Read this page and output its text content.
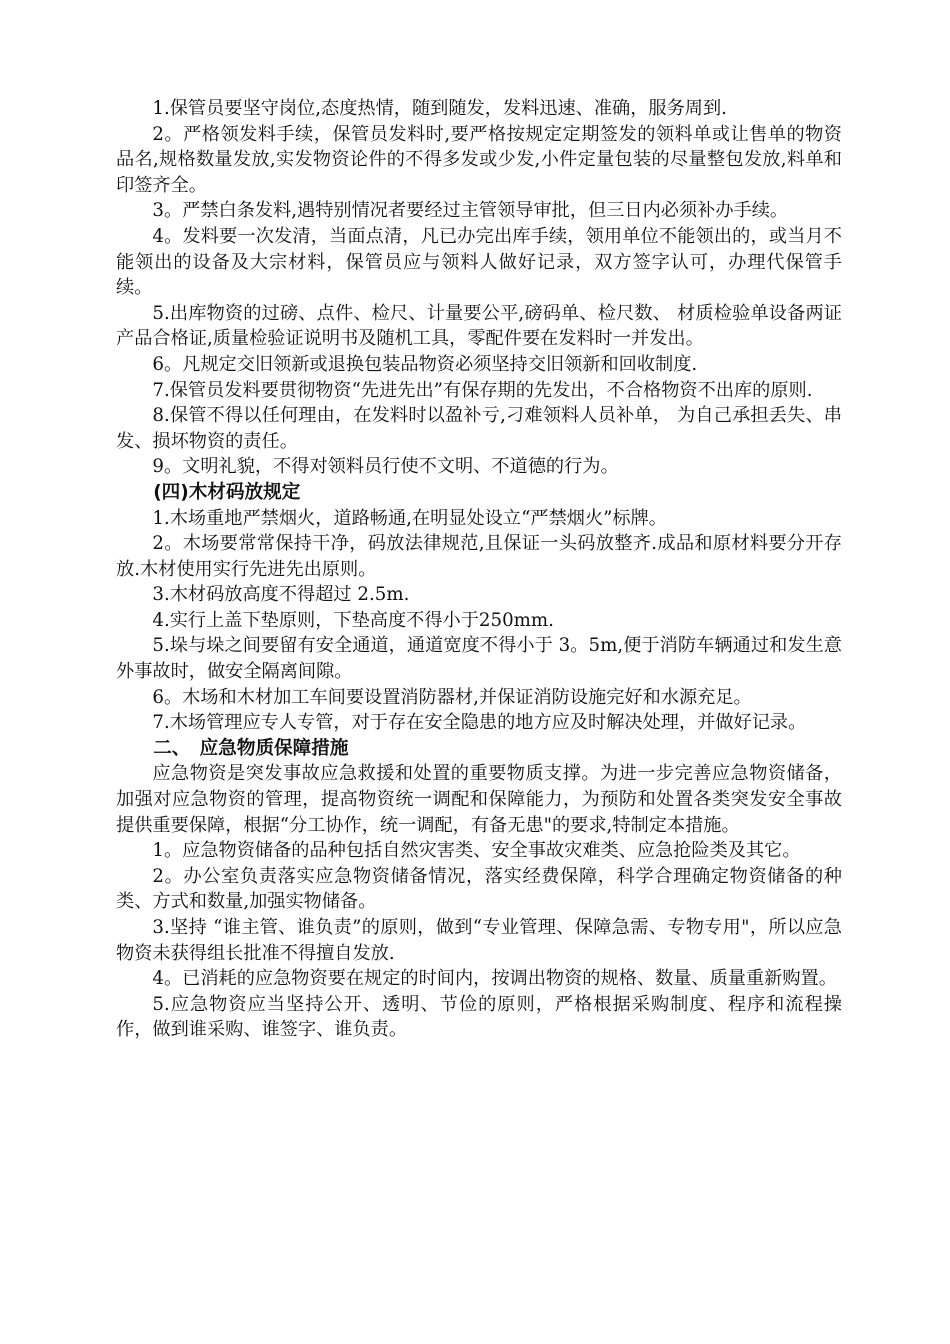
1.保管员要坚守岗位,态度热情，随到随发，发料迅速、准确，服务周到.

2。严格领发料手续，保管员发料时,要严格按规定定期签发的领料单或让售单的物资品名,规格数量发放,实发物资论件的不得多发或少发,小件定量包装的尽量整包发放,料单和印签齐全。

3。严禁白条发料,遇特别情况者要经过主管领导审批，但三日内必须补办手续。

4。发料要一次发清，当面点清，凡已办完出库手续，领用单位不能领出的，或当月不能领出的设备及大宗材料，保管员应与领料人做好记录，双方签字认可，办理代保管手续。

5.出库物资的过磅、点件、检尺、计量要公平,磅码单、检尺数、 材质检验单设备两证产品合格证,质量检验证说明书及随机工具，零配件要在发料时一并发出。

6。凡规定交旧领新或退换包装品物资必须坚持交旧领新和回收制度.

7.保管员发料要贯彻物资“先进先出”有保存期的先发出，不合格物资不出库的原则.

8.保管不得以任何理由，在发料时以盈补亏,刁难领料人员补单， 为自己承担丢失、串发、损坏物资的责任。

9。文明礼貌，不得对领料员行使不文明、不道德的行为。

(四)木材码放规定

1.木场重地严禁烟火，道路畅通,在明显处设立“严禁烟火”标牌。

2。木场要常常保持干净，码放法律规范,且保证一头码放整齐.成品和原材料要分开存放.木材使用实行先进先出原则。

3.木材码放高度不得超过 2.5m.

4.实行上盖下垫原则，下垫高度不得小于250mm.

5.垛与垛之间要留有安全通道，通道宽度不得小于 3。5m,便于消防车辆通过和发生意外事故时，做安全隔离间隙。

6。木场和木材加工车间要设置消防器材,并保证消防设施完好和水源充足。

7.木场管理应专人专管，对于存在安全隐患的地方应及时解决处理，并做好记录。

二、　应急物质保障措施

应急物资是突发事故应急救援和处置的重要物质支撑。为进一步完善应急物资储备，加强对应急物资的管理，提高物资统一调配和保障能力，为预防和处置各类突发安全事故提供重要保障，根据“分工协作，统一调配，有备无患"的要求,特制定本措施。

1。应急物资储备的品种包括自然灾害类、安全事故灾难类、应急抢险类及其它。

2。办公室负责落实应急物资储备情况，落实经费保障，科学合理确定物资储备的种类、方式和数量,加强实物储备。

3.坚持 “谁主管、谁负责”的原则，做到“专业管理、保障急需、专物专用"，所以应急物资未获得组长批准不得擅自发放.

4。已消耗的应急物资要在规定的时间内，按调出物资的规格、数量、质量重新购置。

5.应急物资应当坚持公开、透明、节俭的原则，严格根据采购制度、程序和流程操作，做到谁采购、谁签字、谁负责。
